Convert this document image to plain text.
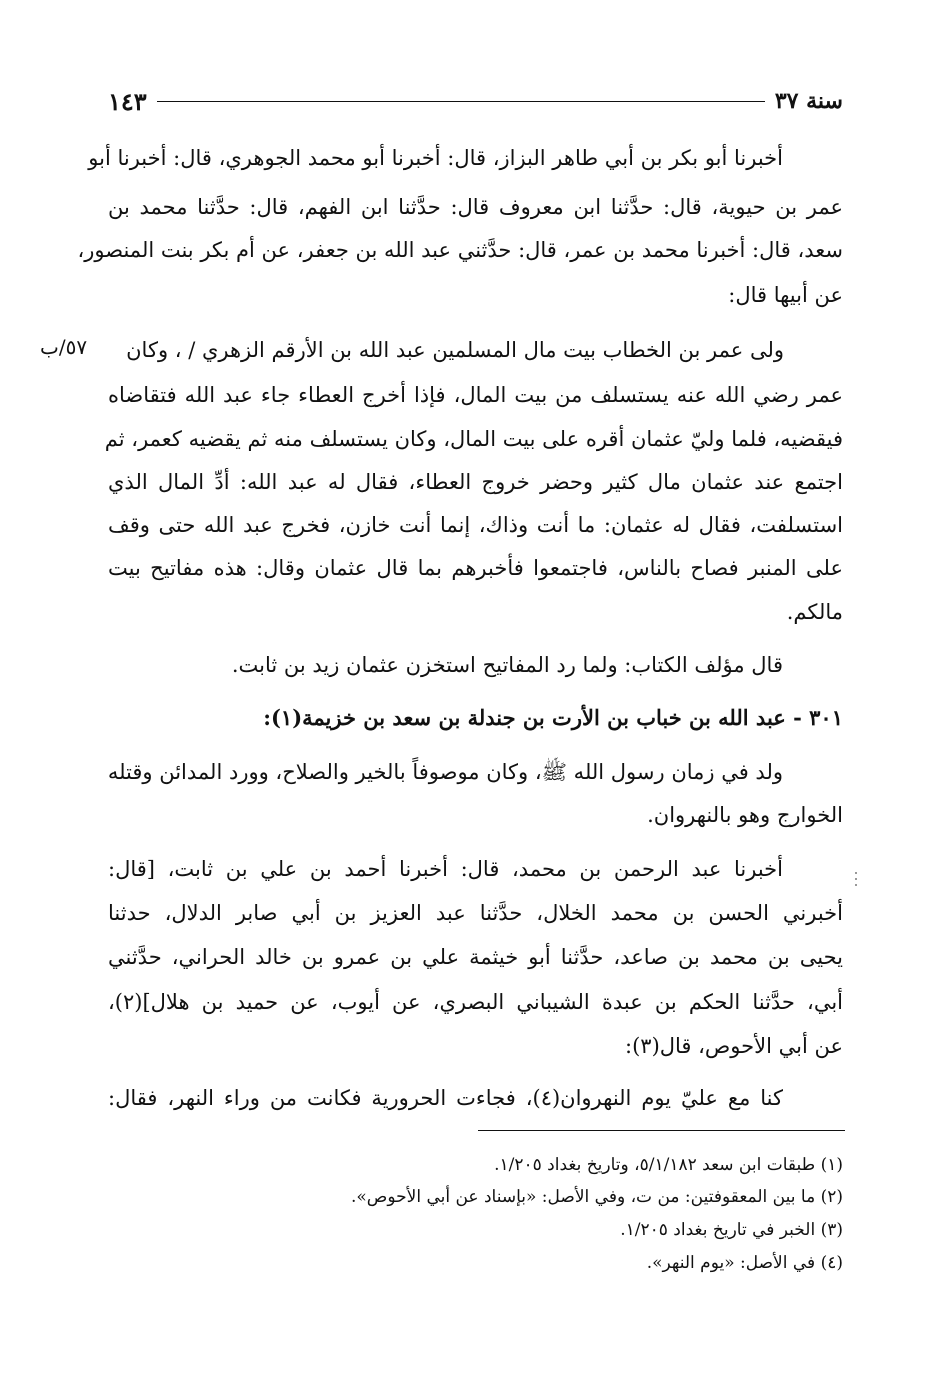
سنة ٣٧
١٤٣
أخبرنا أبو بكر بن أبي طاهر البزاز، قال: أخبرنا أبو محمد الجوهري، قال: أخبرنا أبو
عمر بن حيوية، قال: حدَّثنا ابن معروف قال: حدَّثنا ابن الفهم، قال: حدَّثنا محمد بن
سعد، قال: أخبرنا محمد بن عمر، قال: حدَّثني عبد الله بن جعفر، عن أم بكر بنت المنصور،
عن أبيها قال:
ولى عمر بن الخطاب بيت مال المسلمين عبد الله بن الأرقم الزهري / ، وكان
٥٧/ب
عمر رضي الله عنه يستسلف من بيت المال، فإذا أخرج العطاء جاء عبد الله فتقاضاه
فيقضيه، فلما وليّ عثمان أقره على بيت المال، وكان يستسلف منه ثم يقضيه كعمر، ثم
اجتمع عند عثمان مال كثير وحضر خروج العطاء، فقال له عبد الله: أدِّ المال الذي
استسلفت، فقال له عثمان: ما أنت وذاك، إنما أنت خازن، فخرج عبد الله حتى وقف
على المنبر فصاح بالناس، فاجتمعوا فأخبرهم بما قال عثمان وقال: هذه مفاتيح بيت
مالكم.
قال مؤلف الكتاب: ولما رد المفاتيح استخزن عثمان زيد بن ثابت.
٣٠١ - عبد الله بن خباب بن الأرت بن جندلة بن سعد بن خزيمة(١):
ولد في زمان رسول الله ﷺ، وكان موصوفاً بالخير والصلاح، وورد المدائن وقتله
الخوارج وهو بالنهروان.
أخبرنا عبد الرحمن بن محمد، قال: أخبرنا أحمد بن علي بن ثابت، [قال:
أخبرني الحسن بن محمد الخلال، حدَّثنا عبد العزيز بن أبي صابر الدلال، حدثنا
يحيى بن محمد بن صاعد، حدَّثنا أبو خيثمة علي بن عمرو بن خالد الحراني، حدَّثني
أبي، حدَّثنا الحكم بن عبدة الشيباني البصري، عن أيوب، عن حميد بن هلال](٢)،
عن أبي الأحوص، قال(٣):
كنا مع عليّ يوم النهروان(٤)، فجاءت الحرورية فكانت من وراء النهر، فقال:
(١) طبقات ابن سعد ٥/١/١٨٢، وتاريخ بغداد ١/٢٠٥.
(٢) ما بين المعقوفتين: من ت، وفي الأصل: «بإسناد عن أبي الأحوص».
(٣) الخبر في تاريخ بغداد ١/٢٠٥.
(٤) في الأصل: «يوم النهر».
